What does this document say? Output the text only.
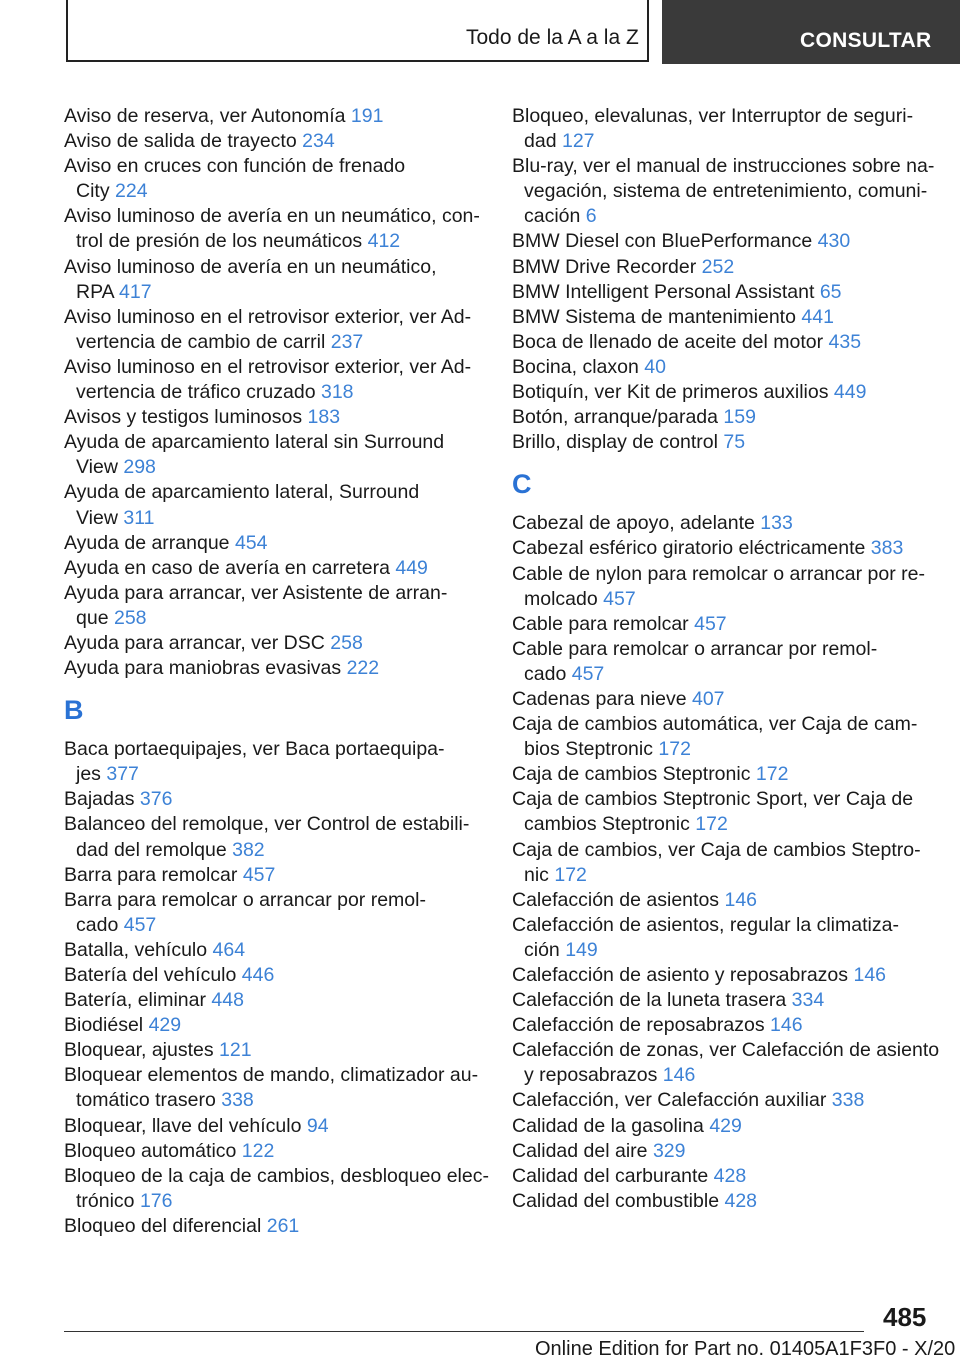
Todo de la A a la Z	CONSULTAR
Aviso de reserva, ver Autonomía 191
Aviso de salida de trayecto 234
Aviso en cruces con función de frenado
City 224
Aviso luminoso de avería en un neumático, con‐
trol de presión de los neumáticos 412
Aviso luminoso de avería en un neumático,
RPA 417
Aviso luminoso en el retrovisor exterior, ver Ad‐
vertencia de cambio de carril 237
Aviso luminoso en el retrovisor exterior, ver Ad‐
vertencia de tráfico cruzado 318
Avisos y testigos luminosos 183
Ayuda de aparcamiento lateral sin Surround
View 298
Ayuda de aparcamiento lateral, Surround
View 311
Ayuda de arranque 454
Ayuda en caso de avería en carretera 449
Ayuda para arrancar, ver Asistente de arran‐
que 258
Ayuda para arrancar, ver DSC 258
Ayuda para maniobras evasivas 222
B
Baca portaequipajes, ver Baca portaequipa‐
jes 377
Bajadas 376
Balanceo del remolque, ver Control de estabili‐
dad del remolque 382
Barra para remolcar 457
Barra para remolcar o arrancar por remol‐
cado 457
Batalla, vehículo 464
Batería del vehículo 446
Batería, eliminar 448
Biodiésel 429
Bloquear, ajustes 121
Bloquear elementos de mando, climatizador au‐
tomático trasero 338
Bloquear, llave del vehículo 94
Bloqueo automático 122
Bloqueo de la caja de cambios, desbloqueo elec‐
trónico 176
Bloqueo del diferencial 261
Bloqueo, elevalunas, ver Interruptor de seguri‐
dad 127
Blu-ray, ver el manual de instrucciones sobre na‐
vegación, sistema de entretenimiento, comuni‐
cación 6
BMW Diesel con BluePerformance 430
BMW Drive Recorder 252
BMW Intelligent Personal Assistant 65
BMW Sistema de mantenimiento 441
Boca de llenado de aceite del motor 435
Bocina, claxon 40
Botiquín, ver Kit de primeros auxilios 449
Botón, arranque/parada 159
Brillo, display de control 75
C
Cabezal de apoyo, adelante 133
Cabezal esférico giratorio eléctricamente 383
Cable de nylon para remolcar o arrancar por re‐
molcado 457
Cable para remolcar 457
Cable para remolcar o arrancar por remol‐
cado 457
Cadenas para nieve 407
Caja de cambios automática, ver Caja de cam‐
bios Steptronic 172
Caja de cambios Steptronic 172
Caja de cambios Steptronic Sport, ver Caja de
cambios Steptronic 172
Caja de cambios, ver Caja de cambios Steptro‐
nic 172
Calefacción de asientos 146
Calefacción de asientos, regular la climatiza‐
ción 149
Calefacción de asiento y reposabrazos 146
Calefacción de la luneta trasera 334
Calefacción de reposabrazos 146
Calefacción de zonas, ver Calefacción de asiento
y reposabrazos 146
Calefacción, ver Calefacción auxiliar 338
Calidad de la gasolina 429
Calidad del aire 329
Calidad del carburante 428
Calidad del combustible 428
485
Online Edition for Part no. 01405A1F3F0 - X/20
